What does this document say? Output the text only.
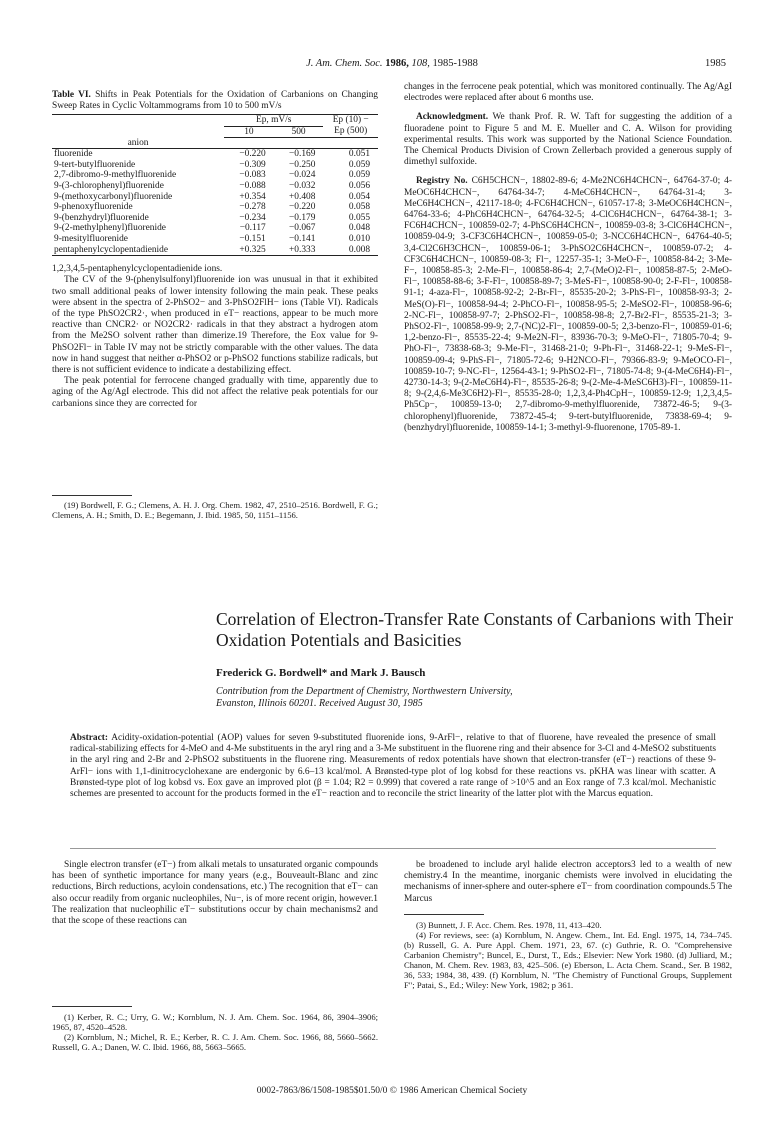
J. Am. Chem. Soc. 1986, 108, 1985-1988	1985
Table VI. Shifts in Peak Potentials for the Oxidation of Carbanions on Changing Sweep Rates in Cyclic Voltammograms from 10 to 500 mV/s
	Ep, mV/s		Ep (10) −
	10	500	Ep (500)
anion			
fluorenide	−0.220	−0.169	0.051
9-tert-butylfluorenide	−0.309	−0.250	0.059
2,7-dibromo-9-methylfluorenide	−0.083	−0.024	0.059
9-(3-chlorophenyl)fluorenide	−0.088	−0.032	0.056
9-(methoxycarbonyl)fluorenide	+0.354	+0.408	0.054
9-phenoxyfluorenide	−0.278	−0.220	0.058
9-(benzhydryl)fluorenide	−0.234	−0.179	0.055
9-(2-methylphenyl)fluorenide	−0.117	−0.067	0.048
9-mesitylfluorenide	−0.151	−0.141	0.010
pentaphenylcyclopentadienide	+0.325	+0.333	0.008

1,2,3,4,5-pentaphenylcyclopentadienide ions.

The CV of the 9-(phenylsulfonyl)fluorenide ion was unusual in that it exhibited two small additional peaks of lower intensity following the main peak. These peaks were absent in the spectra of 2-PhSO2− and 3-PhSO2FlH− ions (Table VI). Radicals of the type PhSO2CR2·, when produced in eT− reactions, appear to be much more reactive than CNCR2· or NO2CR2· radicals in that they abstract a hydrogen atom from the Me2SO solvent rather than dimerize.19 Therefore, the Eox value for 9-PhSO2Fl− in Table IV may not be strictly comparable with the other values. The data now in hand suggest that neither α-PhSO2 or p-PhSO2 functions stabilize radicals, but there is not sufficient evidence to indicate a destabilizing effect.

The peak potential for ferrocene changed gradually with time, apparently due to aging of the Ag/AgI electrode. This did not affect the relative peak potentials for our carbanions since they are corrected for

(19) Bordwell, F. G.; Clemens, A. H. J. Org. Chem. 1982, 47, 2510–2516. Bordwell, F. G.; Clemens, A. H.; Smith, D. E.; Begemann, J. Ibid. 1985, 50, 1151–1156.

changes in the ferrocene peak potential, which was monitored continually. The Ag/AgI electrodes were replaced after about 6 months use.

Acknowledgment. We thank Prof. R. W. Taft for suggesting the addition of a fluoradene point to Figure 5 and M. E. Mueller and C. A. Wilson for providing experimental results. This work was supported by the National Science Foundation. The Chemical Products Division of Crown Zellerbach provided a generous supply of dimethyl sulfoxide.

Registry No. C6H5CHCN−, 18802-89-6; 4-Me2NC6H4CHCN−, 64764-37-0; 4-MeOC6H4CHCN−, 64764-34-7; 4-MeC6H4CHCN−, 64764-31-4; 3-MeC6H4CHCN−, 42117-18-0; 4-FC6H4CHCN−, 61057-17-8; 3-MeOC6H4CHCN−, 64764-33-6; 4-PhC6H4CHCN−, 64764-32-5; 4-ClC6H4CHCN−, 64764-38-1; 3-FC6H4CHCN−, 100859-02-7; 4-PhSC6H4CHCN−, 100859-03-8; 3-ClC6H4CHCN−, 100859-04-9; 3-CF3C6H4CHCN−, 100859-05-0; 3-NCC6H4CHCN−, 64764-40-5; 3,4-Cl2C6H3CHCN−, 100859-06-1; 3-PhSO2C6H4CHCN−, 100859-07-2; 4-CF3C6H4CHCN−, 100859-08-3; Fl−, 12257-35-1; 3-MeO-F−, 100858-84-2; 3-Me-F−, 100858-85-3; 2-Me-Fl−, 100858-86-4; 2,7-(MeO)2-Fl−, 100858-87-5; 2-MeO-Fl−, 100858-88-6; 3-F-Fl−, 100858-89-7; 3-MeS-Fl−, 100858-90-0; 2-F-Fl−, 100858-91-1; 4-aza-Fl−, 100858-92-2; 2-Br-Fl−, 85535-20-2; 3-PhS-Fl−, 100858-93-3; 2-MeS(O)-Fl−, 100858-94-4; 2-PhCO-Fl−, 100858-95-5; 2-MeSO2-Fl−, 100858-96-6; 2-NC-Fl−, 100858-97-7; 2-PhSO2-Fl−, 100858-98-8; 2,7-Br2-Fl−, 85535-21-3; 3-PhSO2-Fl−, 100858-99-9; 2,7-(NC)2-Fl−, 100859-00-5; 2,3-benzo-Fl−, 100859-01-6; 1,2-benzo-Fl−, 85535-22-4; 9-Me2N-Fl−, 83936-70-3; 9-MeO-Fl−, 71805-70-4; 9-PhO-Fl−, 73838-68-3; 9-Me-Fl−, 31468-21-0; 9-Ph-Fl−, 31468-22-1; 9-MeS-Fl−, 100859-09-4; 9-PhS-Fl−, 71805-72-6; 9-H2NCO-Fl−, 79366-83-9; 9-MeOCO-Fl−, 100859-10-7; 9-NC-Fl−, 12564-43-1; 9-PhSO2-Fl−, 71805-74-8; 9-(4-MeC6H4)-Fl−, 42730-14-3; 9-(2-MeC6H4)-Fl−, 85535-26-8; 9-(2-Me-4-MeSC6H3)-Fl−, 100859-11-8; 9-(2,4,6-Me3C6H2)-Fl−, 85535-28-0; 1,2,3,4-Ph4CpH−, 100859-12-9; 1,2,3,4,5-Ph5Cp−, 100859-13-0; 2,7-dibromo-9-methylfluorenide, 73872-46-5; 9-(3-chlorophenyl)fluorenide, 73872-45-4; 9-tert-butylfluorenide, 73838-69-4; 9-(benzhydryl)fluorenide, 100859-14-1; 3-methyl-9-fluorenone, 1705-89-1.

Correlation of Electron-Transfer Rate Constants of Carbanions with Their Oxidation Potentials and Basicities
Frederick G. Bordwell* and Mark J. Bausch
Contribution from the Department of Chemistry, Northwestern University,
Evanston, Illinois 60201. Received August 30, 1985
Abstract: Acidity-oxidation-potential (AOP) values for seven 9-substituted fluorenide ions, 9-ArFl−, relative to that of fluorene, have revealed the presence of small radical-stabilizing effects for 4-MeO and 4-Me substituents in the aryl ring and a 3-Me substituent in the fluorene ring and their absence for 3-Cl and 4-MeSO2 substituents in the aryl ring and 2-Br and 2-PhSO2 substituents in the fluorene ring. Measurements of redox potentials have shown that electron-transfer (eT−) reactions of these 9-ArFl− ions with 1,1-dinitrocyclohexane are endergonic by 6.6–13 kcal/mol. A Brønsted-type plot of log kobsd for these reactions vs. pKHA was linear with scatter. A Brønsted-type plot of log kobsd vs. Eox gave an improved plot (β = 1.04; R2 = 0.999) that covered a rate range of >10^5 and an Eox range of 7.3 kcal/mol. Mechanistic schemes are presented to account for the products formed in the eT− reaction and to reconcile the strict linearity of the latter plot with the Marcus equation.

Single electron transfer (eT−) from alkali metals to unsaturated organic compounds has been of synthetic importance for many years (e.g., Bouveault-Blanc and zinc reductions, Birch reductions, acyloin condensations, etc.) The recognition that eT− can also occur readily from organic nucleophiles, Nu−, is of more recent origin, however.1 The realization that nucleophilic eT− substitutions occur by chain mechanisms2 and that the scope of these reactions can

(1) Kerber, R. C.; Urry, G. W.; Kornblum, N. J. Am. Chem. Soc. 1964, 86, 3904–3906; 1965, 87, 4520–4528.

(2) Kornblum, N.; Michel, R. E.; Kerber, R. C. J. Am. Chem. Soc. 1966, 88, 5660–5662. Russell, G. A.; Danen, W. C. Ibid. 1966, 88, 5663–5665.

be broadened to include aryl halide electron acceptors3 led to a wealth of new chemistry.4 In the meantime, inorganic chemists were involved in elucidating the mechanisms of inner-sphere and outer-sphere eT− from coordination compounds.5 The Marcus

(3) Bunnett, J. F. Acc. Chem. Res. 1978, 11, 413–420.

(4) For reviews, see: (a) Kornblum, N. Angew. Chem., Int. Ed. Engl. 1975, 14, 734–745. (b) Russell, G. A. Pure Appl. Chem. 1971, 23, 67. (c) Guthrie, R. O. "Comprehensive Carbanion Chemistry"; Buncel, E., Durst, T., Eds.; Elsevier: New York 1980. (d) Julliard, M.; Chanon, M. Chem. Rev. 1983, 83, 425–506. (e) Eberson, L. Acta Chem. Scand., Ser. B 1982, 36, 533; 1984, 38, 439. (f) Kornblum, N. "The Chemistry of Functional Groups, Supplement F"; Patai, S., Ed.; Wiley: New York, 1982; p 361.

0002-7863/86/1508-1985$01.50/0 © 1986 American Chemical Society
